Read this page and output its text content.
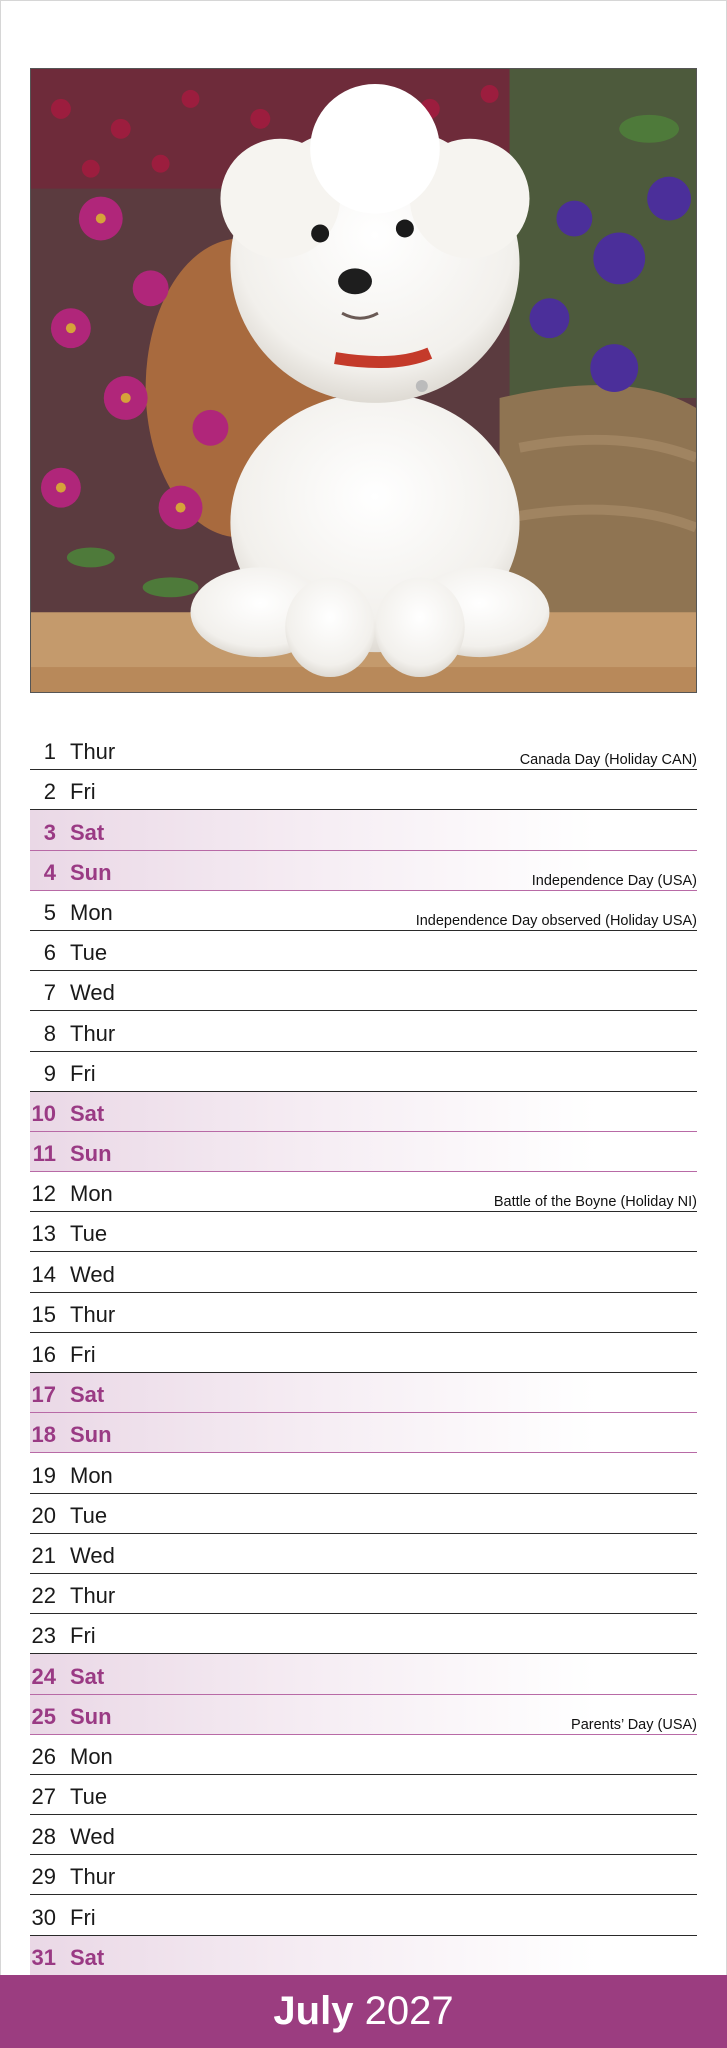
1 Thur	Canada Day (Holiday CAN)
2 Fri
3 Sat
4 Sun	Independence Day (USA)
5 Mon	Independence Day observed (Holiday USA)
6 Tue
7 Wed
8 Thur
9 Fri
10 Sat
11 Sun
12 Mon	Battle of the Boyne (Holiday NI)
13 Tue
14 Wed
15 Thur
16 Fri
17 Sat
18 Sun
19 Mon
20 Tue
21 Wed
22 Thur
23 Fri
24 Sat
25 Sun	Parents’ Day (USA)
26 Mon
27 Tue
28 Wed
29 Thur
30 Fri
31 Sat
July 2027
